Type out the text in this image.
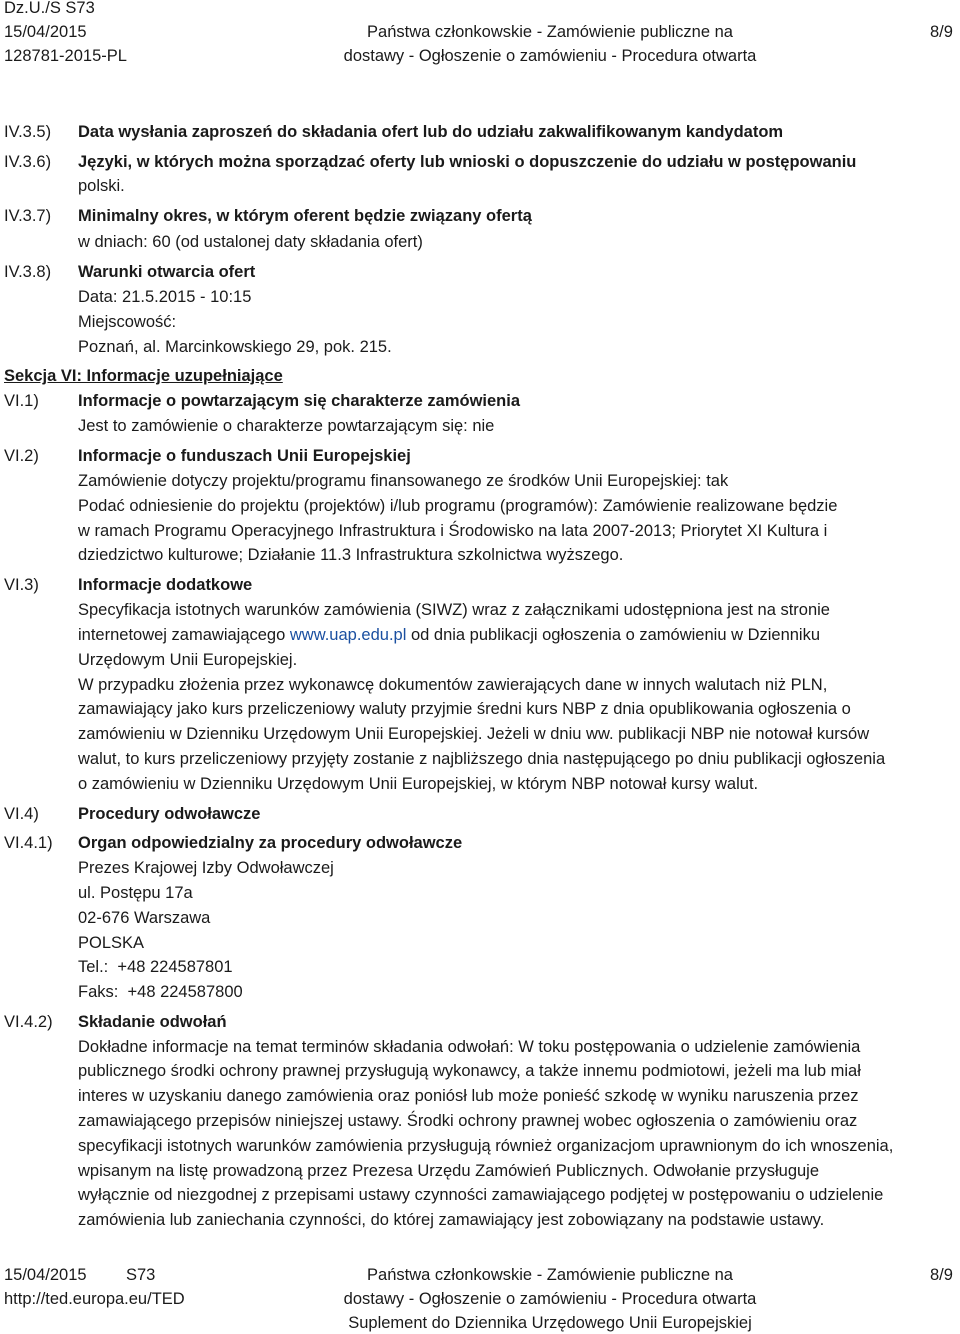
Dz.U./S S73
15/04/2015
128781-2015-PL
Państwa członkowskie - Zamówienie publiczne na
dostawy - Ogłoszenie o zamówieniu - Procedura otwarta
8/9
IV.3.5) Data wysłania zaproszeń do składania ofert lub do udziału zakwalifikowanym kandydatom
IV.3.6) Języki, w których można sporządzać oferty lub wnioski o dopuszczenie do udziału w postępowaniu
polski.
IV.3.7) Minimalny okres, w którym oferent będzie związany ofertą
w dniach: 60 (od ustalonej daty składania ofert)
IV.3.8) Warunki otwarcia ofert
Data: 21.5.2015 - 10:15
Miejscowość:
Poznań, al. Marcinkowskiego 29, pok. 215.
Sekcja VI: Informacje uzupełniające
VI.1) Informacje o powtarzającym się charakterze zamówienia
Jest to zamówienie o charakterze powtarzającym się: nie
VI.2) Informacje o funduszach Unii Europejskiej
Zamówienie dotyczy projektu/programu finansowanego ze środków Unii Europejskiej: tak
Podać odniesienie do projektu (projektów) i/lub programu (programów): Zamówienie realizowane będzie
w ramach Programu Operacyjnego Infrastruktura i Środowisko na lata 2007-2013; Priorytet XI Kultura i
dziedzictwo kulturowe; Działanie 11.3 Infrastruktura szkolnictwa wyższego.
VI.3) Informacje dodatkowe
Specyfikacja istotnych warunków zamówienia (SIWZ) wraz z załącznikami udostępniona jest na stronie
internetowej zamawiającego www.uap.edu.pl od dnia publikacji ogłoszenia o zamówieniu w Dzienniku
Urzędowym Unii Europejskiej.
W przypadku złożenia przez wykonawcę dokumentów zawierających dane w innych walutach niż PLN,
zamawiający jako kurs przeliczeniowy waluty przyjmie średni kurs NBP z dnia opublikowania ogłoszenia o
zamówieniu w Dzienniku Urzędowym Unii Europejskiej. Jeżeli w dniu ww. publikacji NBP nie notował kursów
walut, to kurs przeliczeniowy przyjęty zostanie z najbliższego dnia następującego po dniu publikacji ogłoszenia
o zamówieniu w Dzienniku Urzędowym Unii Europejskiej, w którym NBP notował kursy walut.
VI.4) Procedury odwoławcze
VI.4.1) Organ odpowiedzialny za procedury odwoławcze
Prezes Krajowej Izby Odwoławczej
ul. Postępu 17a
02-676 Warszawa
POLSKA
Tel.:  +48 224587801
Faks:  +48 224587800
VI.4.2) Składanie odwołań
Dokładne informacje na temat terminów składania odwołań: W toku postępowania o udzielenie zamówienia
publicznego środki ochrony prawnej przysługują wykonawcy, a także innemu podmiotowi, jeżeli ma lub miał
interes w uzyskaniu danego zamówienia oraz poniósł lub może ponieść szkodę w wyniku naruszenia przez
zamawiającego przepisów niniejszej ustawy. Środki ochrony prawnej wobec ogłoszenia o zamówieniu oraz
specyfikacji istotnych warunków zamówienia przysługują również organizacjom uprawnionym do ich wnoszenia,
wpisanym na listę prowadzoną przez Prezesa Urzędu Zamówień Publicznych. Odwołanie przysługuje
wyłącznie od niezgodnej z przepisami ustawy czynności zamawiającego podjętej w postępowaniu o udzielenie
zamówienia lub zaniechania czynności, do której zamawiający jest zobowiązany na podstawie ustawy.
15/04/2015 S73
http://ted.europa.eu/TED
Państwa członkowskie - Zamówienie publiczne na
dostawy - Ogłoszenie o zamówieniu - Procedura otwarta
Suplement do Dziennika Urzędowego Unii Europejskiej
8/9
